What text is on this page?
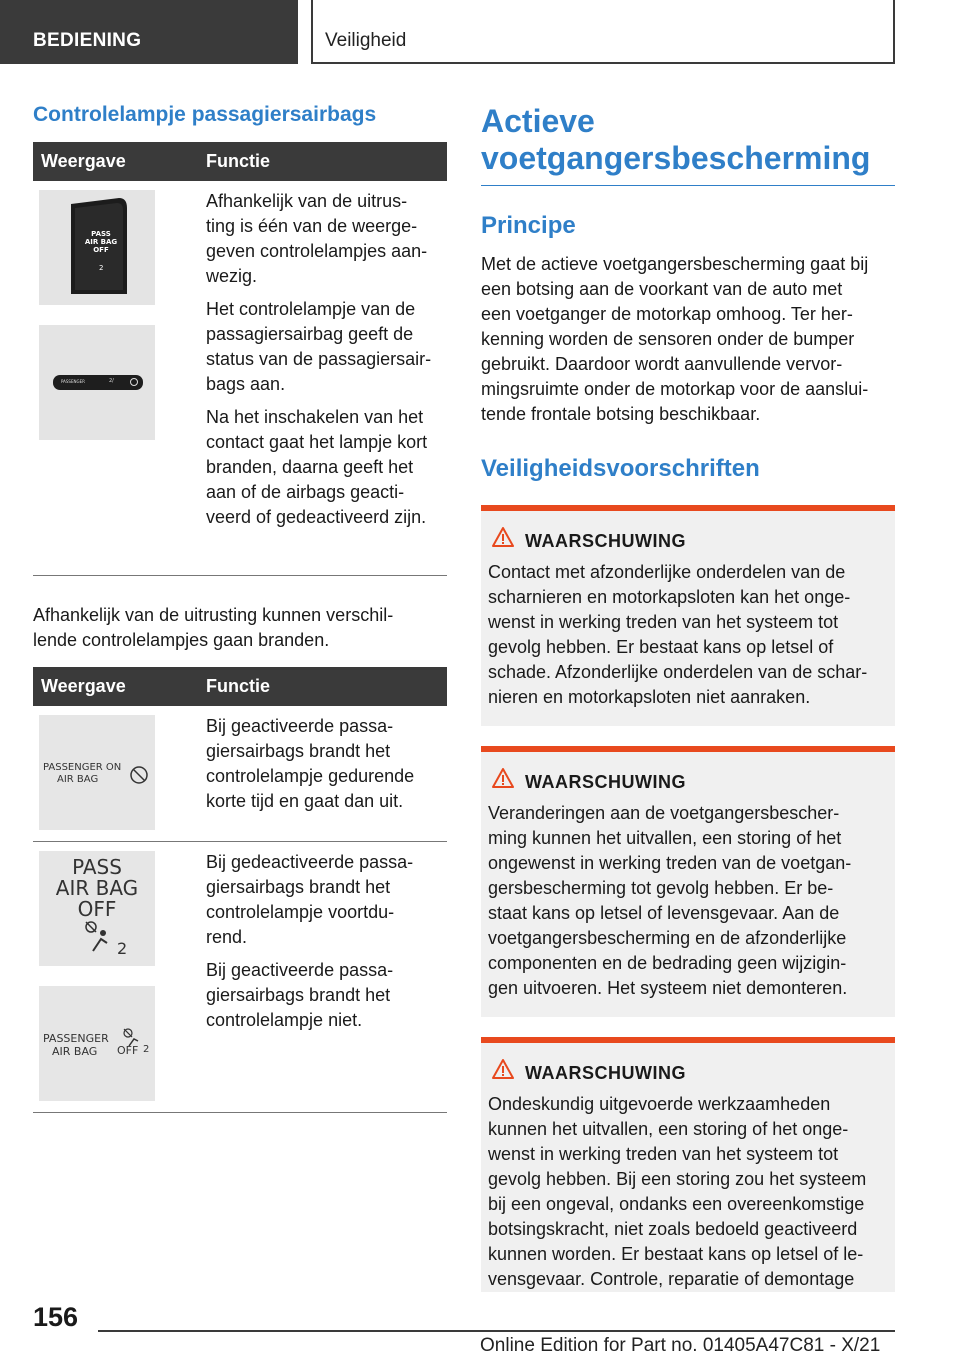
BEDIENING	Veiligheid
Controlelampje passagiersairbags
Weergave	Functie
PASS
AIR BAG
OFF
2
PASSENGER	2/

Afhankelijk van de uitrus-
ting is één van de weerge-
geven controlelampjes aan-
wezig.

Het controlelampje van de
passagiersairbag geeft de
status van de passagiersair-
bags aan.

Na het inschakelen van het
contact gaat het lampje kort
branden, daarna geeft het
aan of de airbags geacti-
veerd of gedeactiveerd zijn.

Afhankelijk van de uitrusting kunnen verschil-
lende controlelampjes gaan branden.

Weergave	Functie
PASSENGER ON
AIR BAG

Bij geactiveerde passa-
giersairbags brandt het
controlelampje gedurende
korte tijd en gaat dan uit.

PASS
AIR BAG
OFF
2
PASSENGER
AIR BAG	OFF 2

Bij gedeactiveerde passa-
giersairbags brandt het
controlelampje voortdu-
rend.

Bij geactiveerde passa-
giersairbags brandt het
controlelampje niet.

Actieve
voetgangersbescherming
Principe

Met de actieve voetgangersbescherming gaat bij
een botsing aan de voorkant van de auto met
een voetganger de motorkap omhoog. Ter her-
kenning worden de sensoren onder de bumper
gebruikt. Daardoor wordt aanvullende vervor-
mingsruimte onder de motorkap voor de aanslui-
tende frontale botsing beschikbaar.

Veiligheidsvoorschriften
WAARSCHUWING

Contact met afzonderlijke onderdelen van de
scharnieren en motorkapsloten kan het onge-
wenst in werking treden van het systeem tot
gevolg hebben. Er bestaat kans op letsel of
schade. Afzonderlijke onderdelen van de schar-
nieren en motorkapsloten niet aanraken.

WAARSCHUWING

Veranderingen aan de voetgangersbescher-
ming kunnen het uitvallen, een storing of het
ongewenst in werking treden van de voetgan-
gersbescherming tot gevolg hebben. Er be-
staat kans op letsel of levensgevaar. Aan de
voetgangersbescherming en de afzonderlijke
componenten en de bedrading geen wijzigin-
gen uitvoeren. Het systeem niet demonteren.

WAARSCHUWING

Ondeskundig uitgevoerde werkzaamheden
kunnen het uitvallen, een storing of het onge-
wenst in werking treden van het systeem tot
gevolg hebben. Bij een storing zou het systeem
bij een ongeval, ondanks een overeenkomstige
botsingskracht, niet zoals bedoeld geactiveerd
kunnen worden. Er bestaat kans op letsel of le-
vensgevaar. Controle, reparatie of demontage

156
Online Edition for Part no. 01405A47C81 - X/21
